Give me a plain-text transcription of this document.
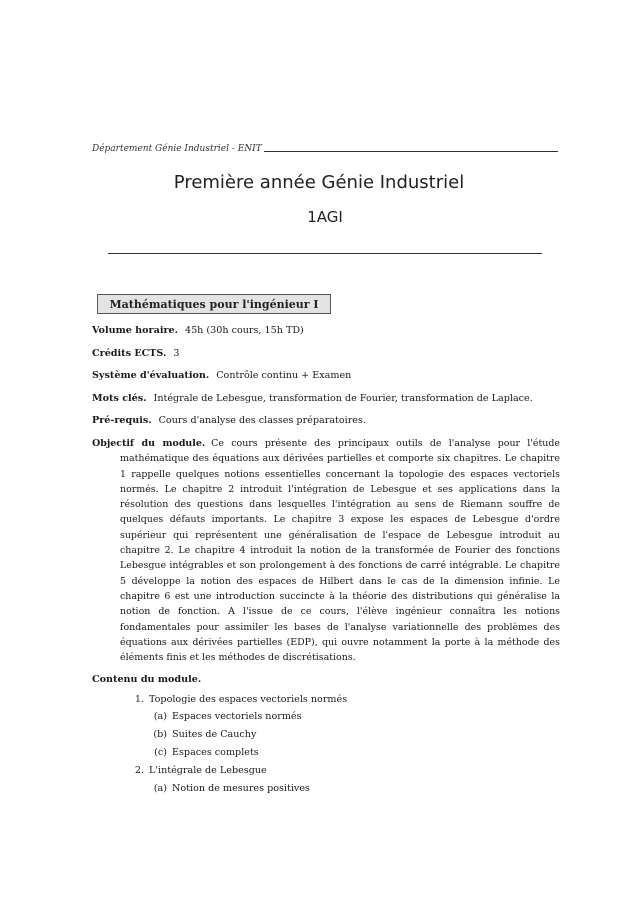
Département Génie Industriel - ENIT
Première année Génie Industriel
1AGI
Mathématiques pour l'ingénieur I

Volume horaire. 45h (30h cours, 15h TD)

Crédits ECTS. 3

Système d'évaluation. Contrôle continu + Examen

Mots clés. Intégrale de Lebesgue, transformation de Fourier, transformation de Laplace.

Pré-requis. Cours d'analyse des classes préparatoires.

Objectif du module. Ce cours présente des principaux outils de l'analyse pour l'étude mathématique des équations aux dérivées partielles et comporte six chapitres. Le chapitre 1 rappelle quelques notions essentielles concernant la topologie des espaces vectoriels normés. Le chapitre 2 introduit l'intégration de Lebesgue et ses applications dans la résolution des questions dans lesquelles l'intégration au sens de Riemann souffre de quelques défauts importants. Le chapitre 3 expose les espaces de Lebesgue d'ordre supérieur qui représentent une généralisation de l'espace de Lebesgue introduit au chapitre 2. Le chapitre 4 introduit la notion de la transformée de Fourier des fonctions Lebesgue intégrables et son prolongement à des fonctions de carré intégrable. Le chapitre 5 développe la notion des espaces de Hilbert dans le cas de la dimension infinie. Le chapitre 6 est une introduction succincte à la théorie des distributions qui généralise la notion de fonction. A l'issue de ce cours, l'élève ingénieur connaîtra les notions fondamentales pour assimiler les bases de l'analyse variationnelle des problèmes des équations aux dérivées partielles (EDP), qui ouvre notamment la porte à la méthode des éléments finis et les méthodes de discrétisations.

Contenu du module.
1. Topologie des espaces vectoriels normés
(a) Espaces vectoriels normés
(b) Suites de Cauchy
(c) Espaces complets
2. L'intégrale de Lebesgue
(a) Notion de mesures positives
